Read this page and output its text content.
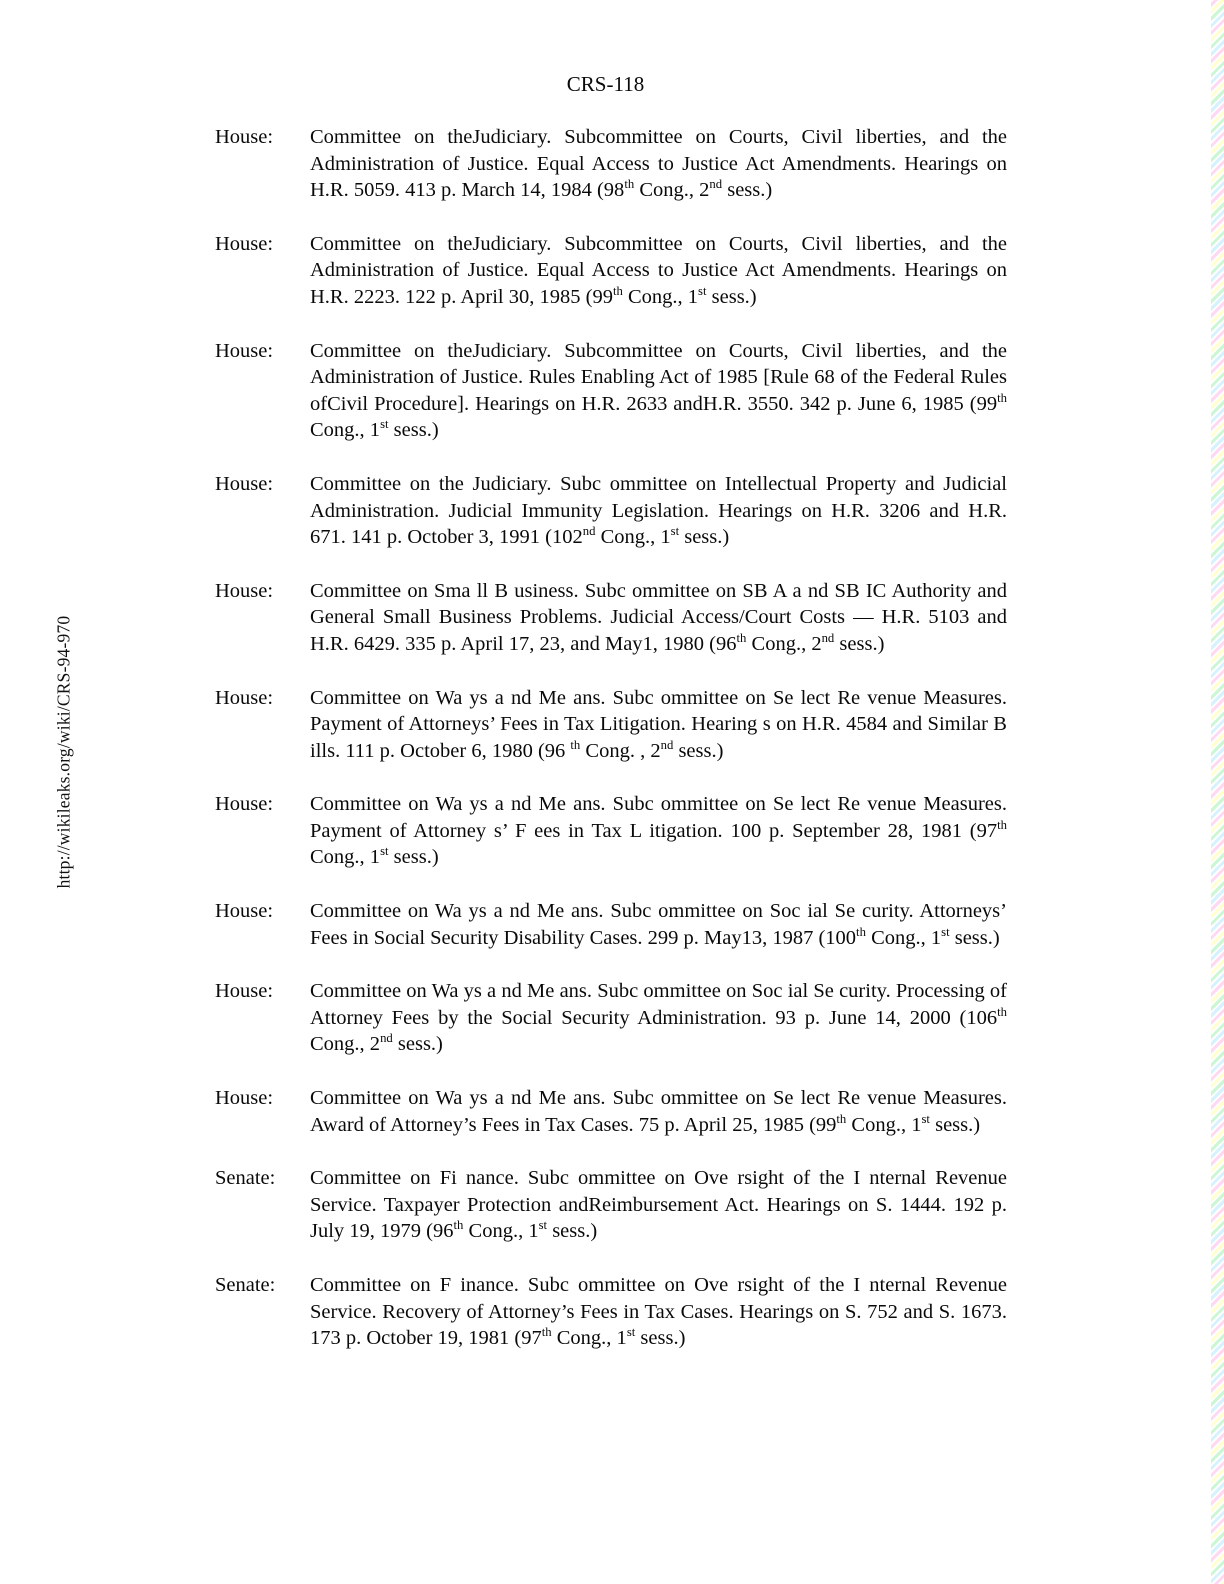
http://wikileaks.org/wiki/CRS-94-970
CRS-118
House:	Committee on theJudiciary. Subcommittee on Courts, Civil liberties, and the Administration of Justice. Equal Access to Justice Act Amendments. Hearings on H.R. 5059. 413 p. March 14, 1984 (98th Cong., 2nd sess.)
House:	Committee on theJudiciary. Subcommittee on Courts, Civil liberties, and the Administration of Justice. Equal Access to Justice Act Amendments. Hearings on H.R. 2223. 122 p. April 30, 1985 (99th Cong., 1st sess.)
House:	Committee on theJudiciary. Subcommittee on Courts, Civil liberties, and the Administration of Justice. Rules Enabling Act of 1985 [Rule 68 of the Federal Rules ofCivil Procedure]. Hearings on H.R. 2633 andH.R. 3550. 342 p. June 6, 1985 (99th Cong., 1st sess.)
House:	Committee on the Judiciary. Subc ommittee on Intellectual Property and Judicial Administration. Judicial Immunity Legislation. Hearings on H.R. 3206 and H.R. 671. 141 p. October 3, 1991 (102nd Cong., 1st sess.)
House:	Committee on Sma ll B usiness. Subc ommittee on SB A a nd SB IC Authority and General Small Business Problems. Judicial Access/Court Costs — H.R. 5103 and H.R. 6429. 335 p. April 17, 23, and May1, 1980 (96th Cong., 2nd sess.)
House:	Committee on Wa ys a nd Me ans. Subc ommittee on Se lect Re venue Measures. Payment of Attorneys’ Fees in Tax Litigation. Hearing s on H.R. 4584 and Similar B ills. 111 p. October 6, 1980 (96 $^{th}$ Cong. , 2nd sess.)
House:	Committee on Wa ys a nd Me ans. Subc ommittee on Se lect Re venue Measures. Payment of Attorney s’ F ees in Tax L itigation. 100 p. September 28, 1981 (97th Cong., 1st sess.)
House:	Committee on Wa ys a nd Me ans. Subc ommittee on Soc ial Se curity. Attorneys’ Fees in Social Security Disability Cases. 299 p. May13, 1987 (100th Cong., 1st sess.)
House:	Committee on Wa ys a nd Me ans. Subc ommittee on Soc ial Se curity. Processing of Attorney Fees by the Social Security Administration. 93 p. June 14, 2000 (106th Cong., 2nd sess.)
House:	Committee on Wa ys a nd Me ans. Subc ommittee on Se lect Re venue Measures. Award of Attorney’s Fees in Tax Cases. 75 p. April 25, 1985 (99th Cong., 1st sess.)
Senate:	Committee on Fi nance. Subc ommittee on Ove rsight of the I nternal Revenue Service. Taxpayer Protection andReimbursement Act. Hearings on S. 1444. 192 p. July 19, 1979 (96th Cong., 1st sess.)
Senate:	Committee on F inance. Subc ommittee on Ove rsight of the I nternal Revenue Service. Recovery of Attorney’s Fees in Tax Cases. Hearings on S. 752 and S. 1673. 173 p. October 19, 1981 (97th Cong., 1st sess.)
